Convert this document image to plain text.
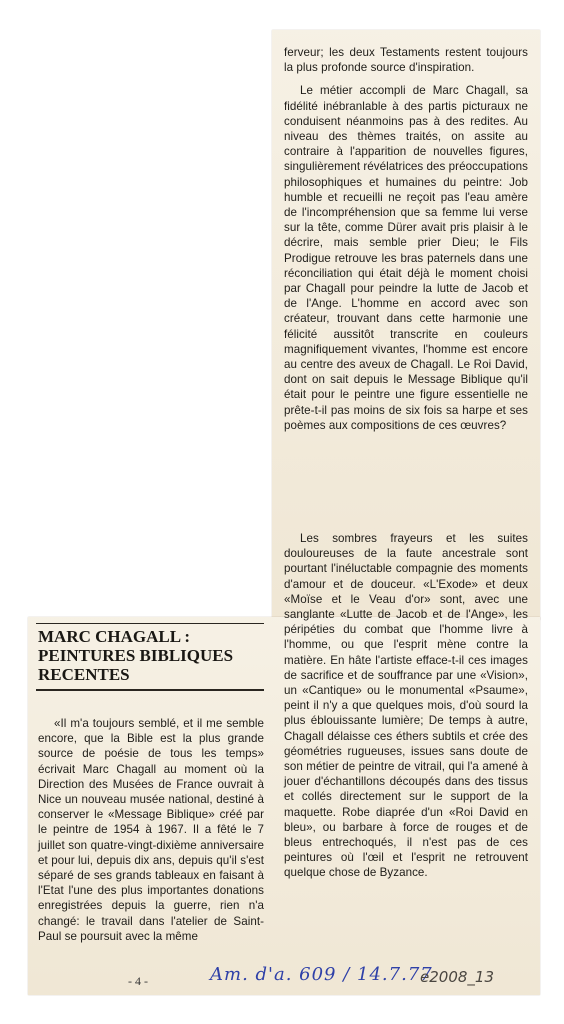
ferveur; les deux Testaments restent toujours la plus profonde source d'inspiration.

Le métier accompli de Marc Chagall, sa fidélité inébranlable à des partis picturaux ne conduisent néanmoins pas à des redites. Au niveau des thèmes traités, on assite au contraire à l'apparition de nouvelles figures, singulièrement révélatrices des préoccupations philosophiques et humaines du peintre: Job humble et recueilli ne reçoit pas l'eau amère de l'incompréhension que sa femme lui verse sur la tête, comme Dürer avait pris plaisir à le décrire, mais semble prier Dieu; le Fils Prodigue retrouve les bras paternels dans une réconciliation qui était déjà le moment choisi par Chagall pour peindre la lutte de Jacob et de l'Ange. L'homme en accord avec son créateur, trouvant dans cette harmonie une félicité aussitôt transcrite en couleurs magnifiquement vivantes, l'homme est encore au centre des aveux de Chagall. Le Roi David, dont on sait depuis le Message Biblique qu'il était pour le peintre une figure essentielle ne prête-t-il pas moins de six fois sa harpe et ses poèmes aux compositions de ces œuvres?

Les sombres frayeurs et les suites douloureuses de la faute ancestrale sont pourtant l'inéluctable compagnie des moments d'amour et de douceur. «L'Exode» et deux «Moïse et le Veau d'or» sont, avec une sanglante «Lutte de Jacob et de l'Ange», les péripéties du combat que l'homme livre à l'homme, ou que l'esprit mène contre la matière. En hâte l'artiste efface-t-il ces images de sacrifice et de souffrance par une «Vision», un «Cantique» ou le monumental «Psaume», peint il n'y a que quelques mois, d'où sourd la plus éblouissante lumière; De temps à autre, Chagall délaisse ces éthers subtils et crée des géométries rugueuses, issues sans doute de son métier de peintre de vitrail, qui l'a amené à jouer d'échantillons découpés dans des tissus et collés directement sur le support de la maquette. Robe diaprée d'un «Roi David en bleu», ou barbare à force de rouges et de bleus entrechoqués, il n'est pas de ces peintures où l'œil et l'esprit ne retrouvent quelque chose de Byzance.

MARC CHAGALL :
PEINTURES BIBLIQUES
RECENTES

«Il m'a toujours semblé, et il me semble encore, que la Bible est la plus grande source de poésie de tous les temps» écrivait Marc Chagall au moment où la Direction des Musées de France ouvrait à Nice un nouveau musée national, destiné à conserver le «Message Biblique» créé par le peintre de 1954 à 1967. Il a fêté le 7 juillet son quatre-vingt-dixième anniversaire et pour lui, depuis dix ans, depuis qu'il s'est séparé de ses grands tableaux en faisant à l'Etat l'une des plus importantes donations enregistrées depuis la guerre, rien n'a changé: le travail dans l'atelier de Saint-Paul se poursuit avec la même

- 4 -	Am. d'a. 609 / 14.7.77
e2008_13
